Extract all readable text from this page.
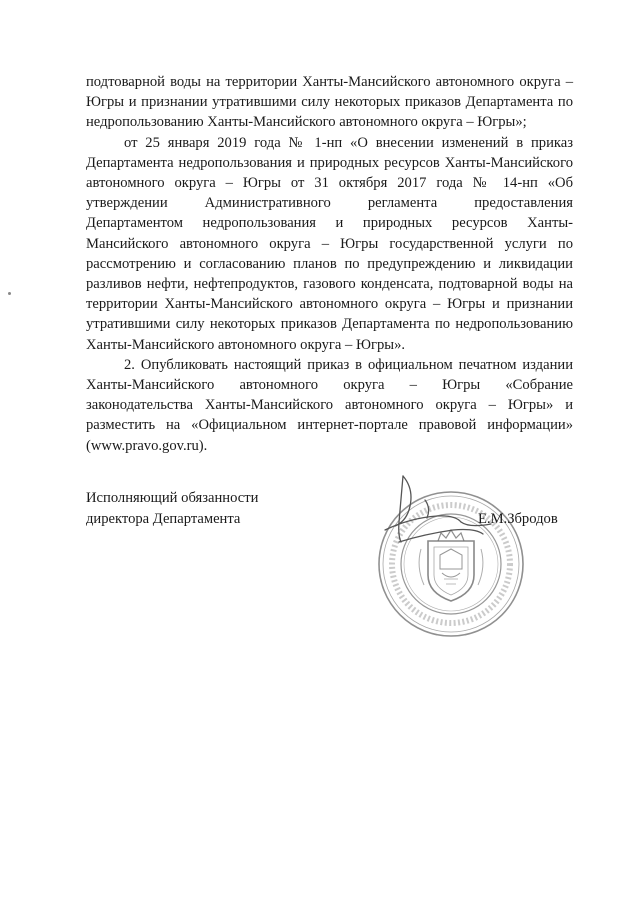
подтоварной воды на территории Ханты-Мансийского автономного округа – Югры и признании утратившими силу некоторых приказов Департамента по недропользованию Ханты-Мансийского автономного округа – Югры»;

от 25 января 2019 года № 1-нп «О внесении изменений в приказ Департамента недропользования и природных ресурсов Ханты-Мансийского автономного округа – Югры от 31 октября 2017 года № 14-нп «Об утверждении Административного регламента предоставления Департаментом недропользования и природных ресурсов Ханты-Мансийского автономного округа – Югры государственной услуги по рассмотрению и согласованию планов по предупреждению и ликвидации разливов нефти, нефтепродуктов, газового конденсата, подтоварной воды на территории Ханты-Мансийского автономного округа – Югры и признании утратившими силу некоторых приказов Департамента по недропользованию Ханты-Мансийского автономного округа – Югры».

2. Опубликовать настоящий приказ в официальном печатном издании Ханты-Мансийского автономного округа – Югры «Собрание законодательства Ханты-Мансийского автономного округа – Югры» и разместить на «Официальном интернет-портале правовой информации» (www.pravo.gov.ru).

Исполняющий обязанности
директора Департамента	Е.М.Збродов
